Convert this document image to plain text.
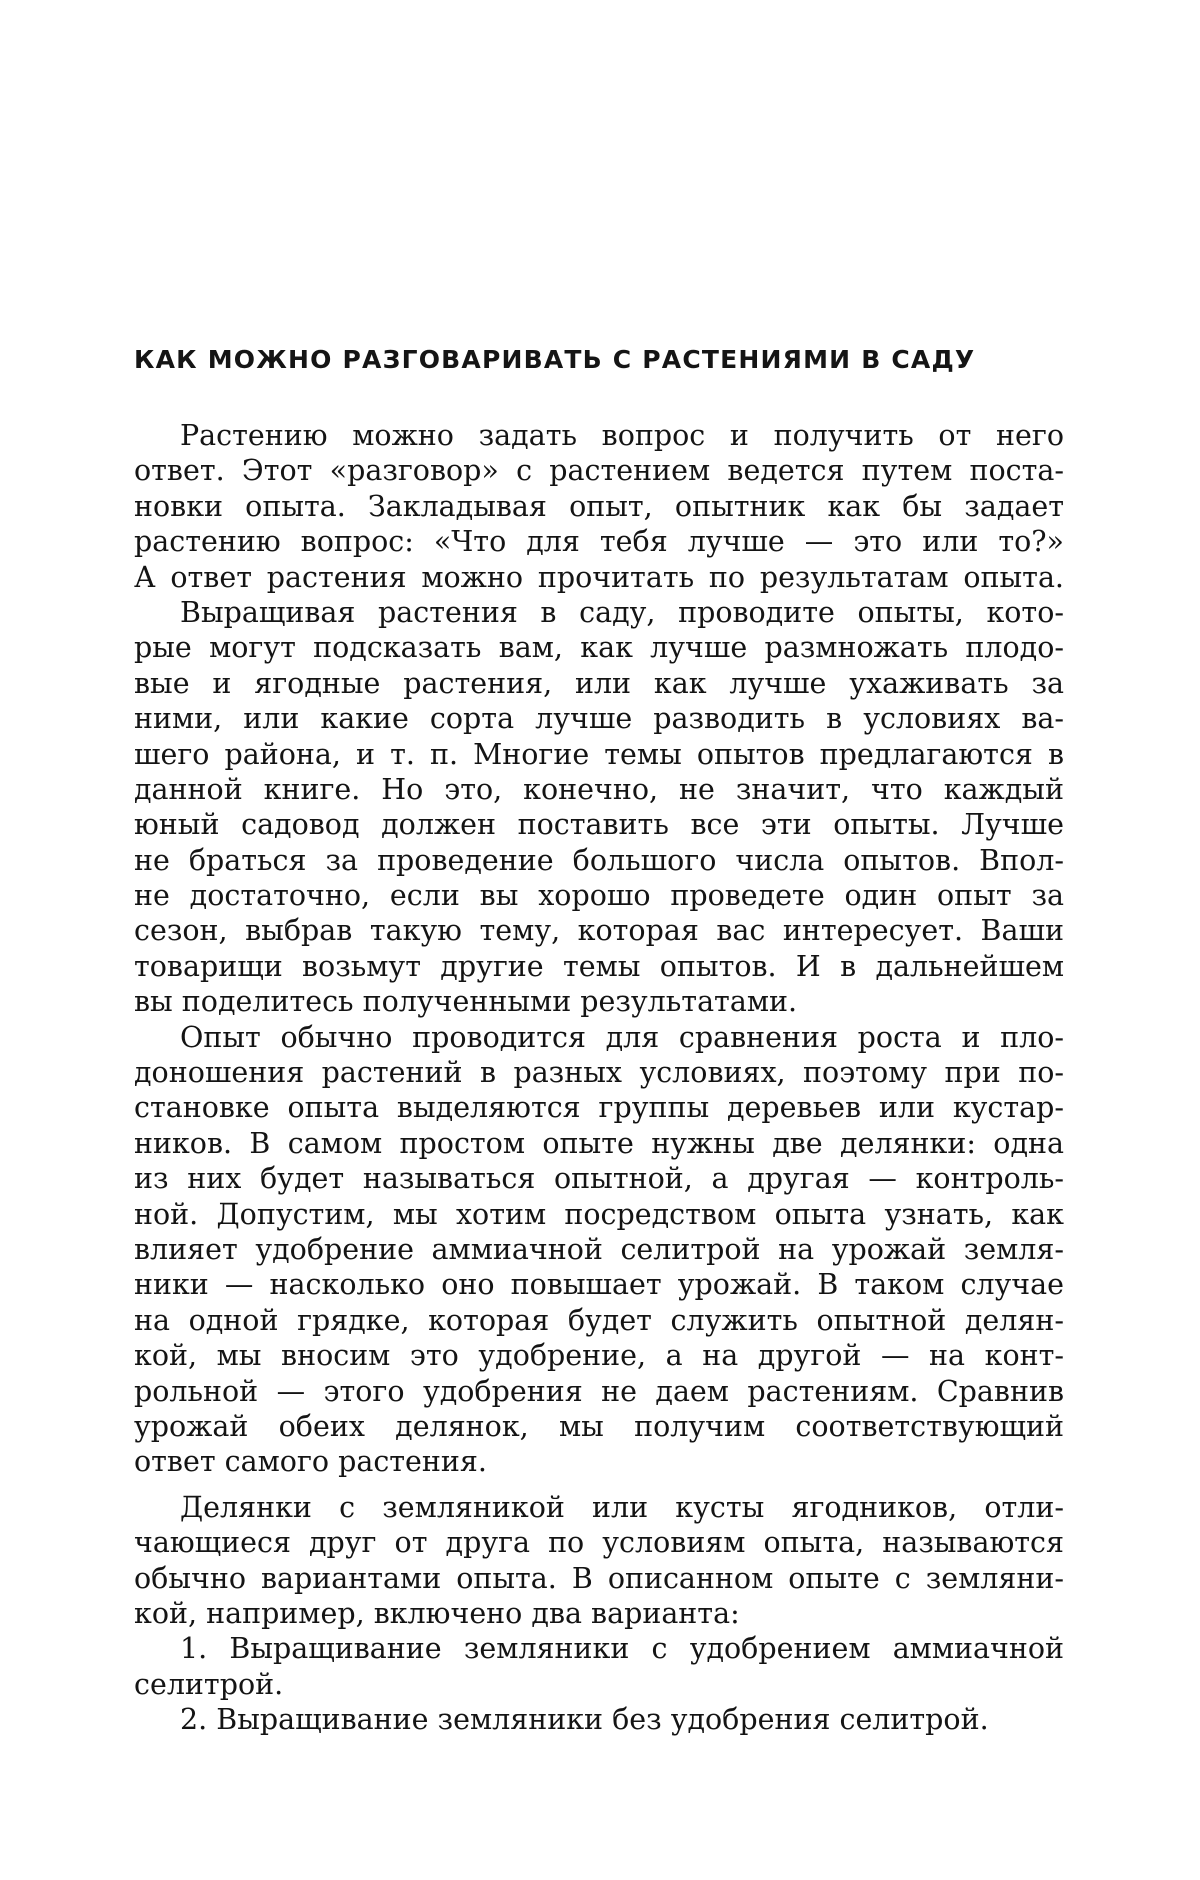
КАК МОЖНО РАЗГОВАРИВАТЬ С РАСТЕНИЯМИ В САДУ
Растению можно задать вопрос и получить от него
ответ. Этот «разговор» с растением ведется путем поста-
новки опыта. Закладывая опыт, опытник как бы задает
растению вопрос: «Что для тебя лучше — это или то?»
А ответ растения можно прочитать по результатам опыта.
Выращивая растения в саду, проводите опыты, кото-
рые могут подсказать вам, как лучше размножать плодо-
вые и ягодные растения, или как лучше ухаживать за
ними, или какие сорта лучше разводить в условиях ва-
шего района, и т. п. Многие темы опытов предлагаются в
данной книге. Но это, конечно, не значит, что каждый
юный садовод должен поставить все эти опыты. Лучше
не браться за проведение большого числа опытов. Впол-
не достаточно, если вы хорошо проведете один опыт за
сезон, выбрав такую тему, которая вас интересует. Ваши
товарищи возьмут другие темы опытов. И в дальнейшем
вы поделитесь полученными результатами.
Опыт обычно проводится для сравнения роста и пло-
доношения растений в разных условиях, поэтому при по-
становке опыта выделяются группы деревьев или кустар-
ников. В самом простом опыте нужны две делянки: одна
из них будет называться опытной, а другая — контроль-
ной. Допустим, мы хотим посредством опыта узнать, как
влияет удобрение аммиачной селитрой на урожай земля-
ники — насколько оно повышает урожай. В таком случае
на одной грядке, которая будет служить опытной делян-
кой, мы вносим это удобрение, а на другой — на конт-
рольной — этого удобрения не даем растениям. Сравнив
урожай обеих делянок, мы получим соответствующий
ответ самого растения.
Делянки с земляникой или кусты ягодников, отли-
чающиеся друг от друга по условиям опыта, называются
обычно вариантами опыта. В описанном опыте с земляни-
кой, например, включено два варианта:
1. Выращивание земляники с удобрением аммиачной
селитрой.
2. Выращивание земляники без удобрения селитрой.
